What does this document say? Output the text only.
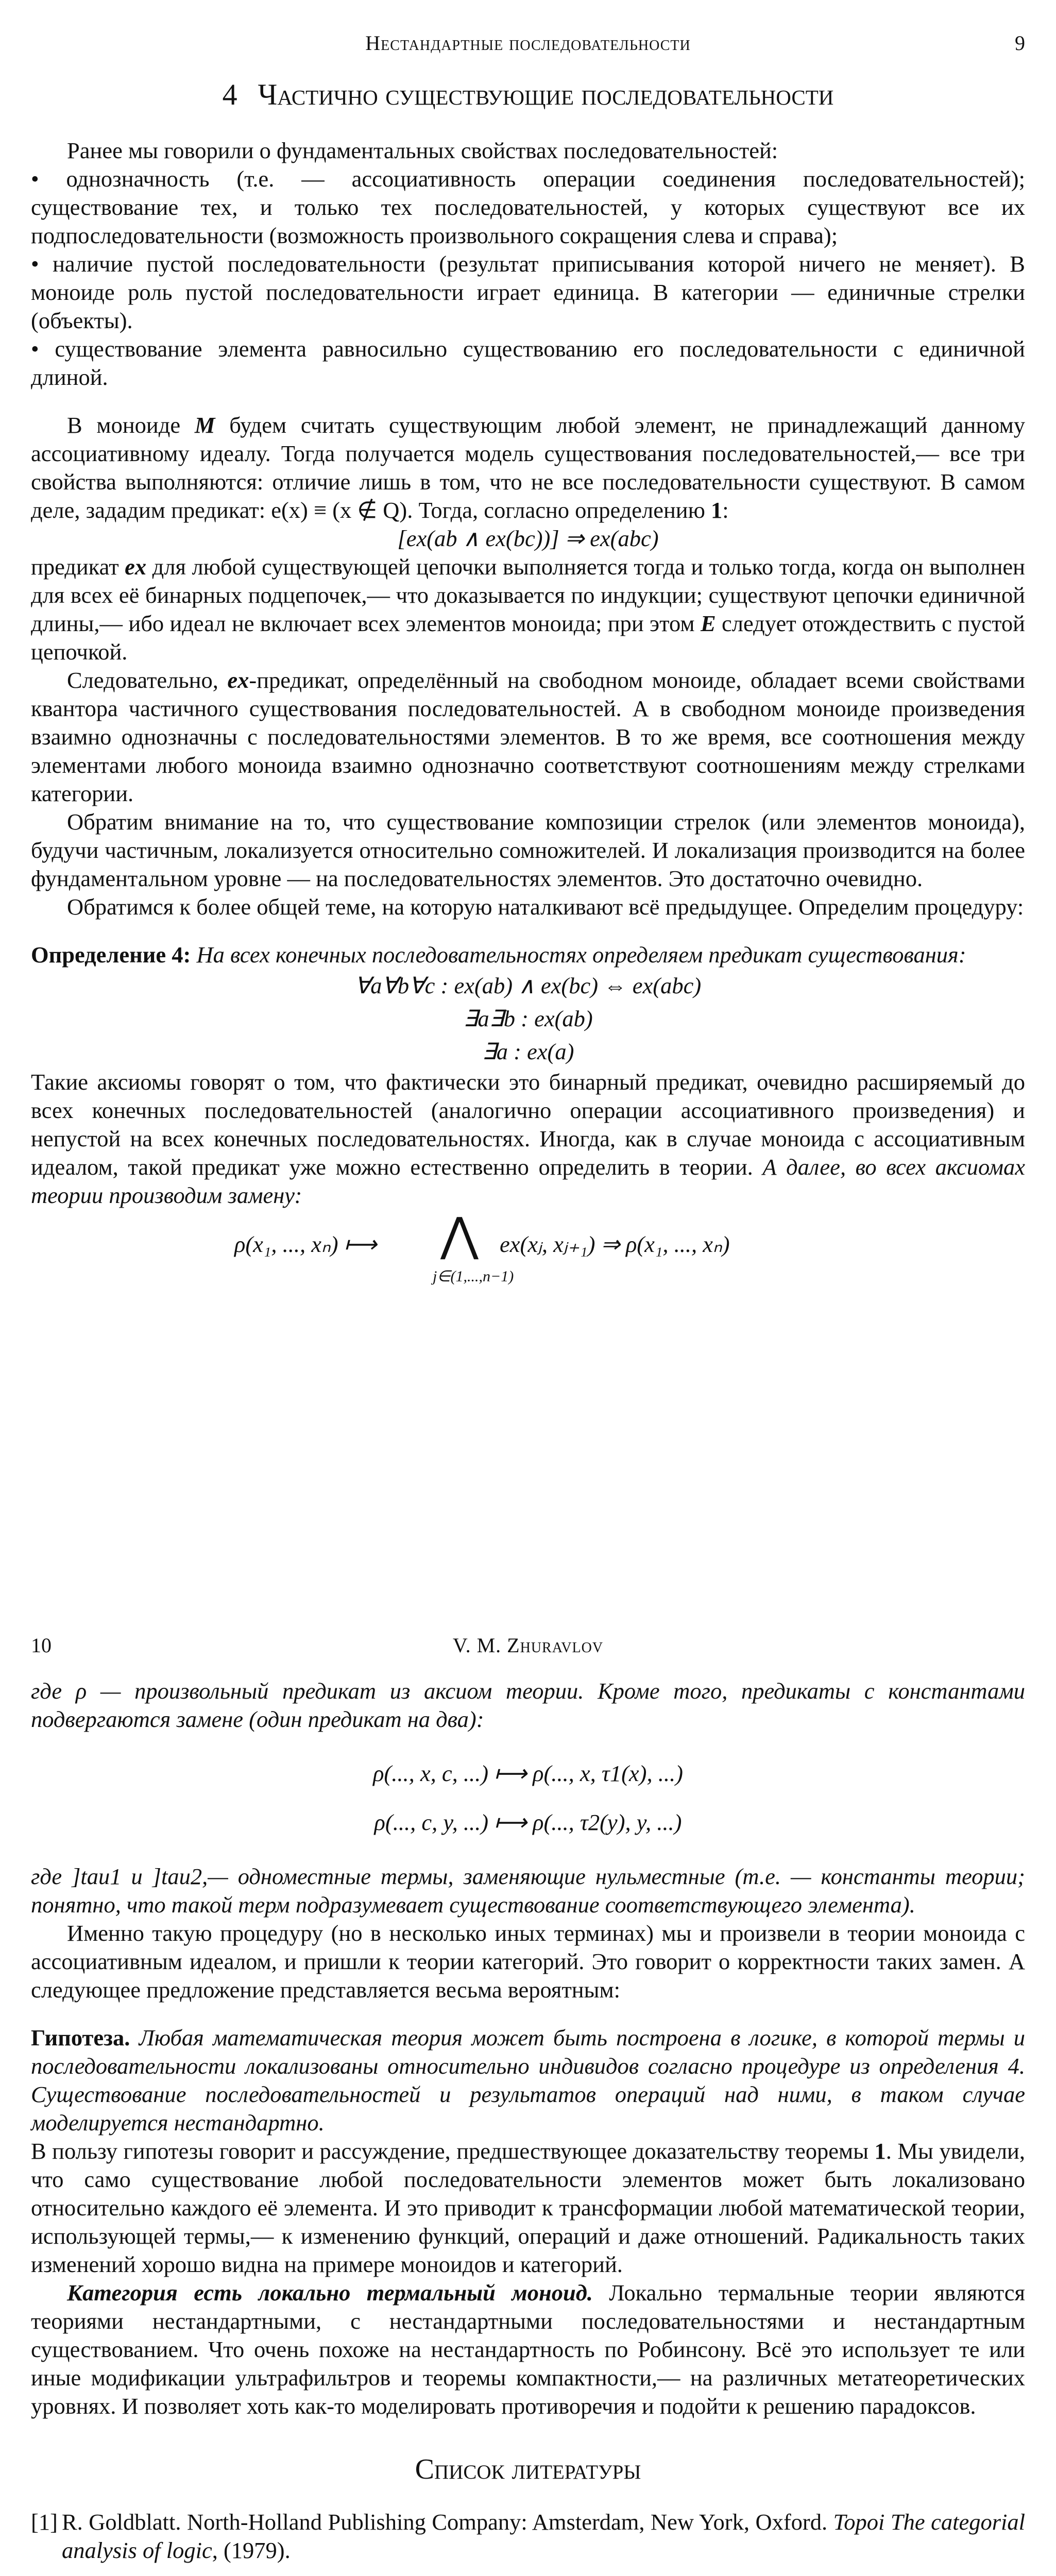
Нестандартные последовательности	9
4 Частично существующие последовательности

Ранее мы говорили о фундаментальных свойствах последовательностей:

• однозначность (т.е. — ассоциативность операции соединения последовательностей); существование тех, и только тех последовательностей, у которых существуют все их подпоследовательности (возможность произвольного сокращения слева и справа);

• наличие пустой последовательности (результат приписывания которой ничего не меняет). В моноиде роль пустой последовательности играет единица. В категории — единичные стрелки (объекты).

• существование элемента равносильно существованию его последовательности с единичной длиной.

В моноиде M будем считать существующим любой элемент, не принадлежащий данному ассоциативному идеалу. Тогда получается модель существования последовательностей,— все три свойства выполняются: отличие лишь в том, что не все последовательности существуют. В самом деле, зададим предикат: e(x) ≡ (x ∉ Q). Тогда, согласно определению 1:

[ex(ab ∧ ex(bc))] ⇒ ex(abc)

предикат ex для любой существующей цепочки выполняется тогда и только тогда, когда он выполнен для всех её бинарных подцепочек,— что доказывается по индукции; существуют цепочки единичной длины,— ибо идеал не включает всех элементов моноида; при этом E следует отождествить с пустой цепочкой.

Следовательно, ex-предикат, определённый на свободном моноиде, обладает всеми свойствами квантора частичного существования последовательностей. А в свободном моноиде произведения взаимно однозначны с последовательностями элементов. В то же время, все соотношения между элементами любого моноида взаимно однозначно соответствуют соотношениям между стрелками категории.

Обратим внимание на то, что существование композиции стрелок (или элементов моноида), будучи частичным, локализуется относительно сомножителей. И локализация производится на более фундаментальном уровне — на последовательностях элементов. Это достаточно очевидно.

Обратимся к более общей теме, на которую наталкивают всё предыдущее. Определим процедуру:

Определение 4: На всех конечных последовательностях определяем предикат существования:

∀a∀b∀c : ex(ab) ∧ ex(bc) ⇔ ex(abc)

∃a∃b : ex(ab)

∃a : ex(a)

Такие аксиомы говорят о том, что фактически это бинарный предикат, очевидно расширяемый до всех конечных последовательностей (аналогично операции ассоциативного произведения) и непустой на всех конечных последовательностях. Иногда, как в случае моноида с ассоциативным идеалом, такой предикат уже можно естественно определить в теории. А далее, во всех аксиомах теории производим замену:

ρ(x₁, ..., xₙ) ⟼ ⋀
j∈(1,...,n−1)
ex(xⱼ, xⱼ₊₁) ⇒ ρ(x₁, ..., xₙ)
10	V. M. Zhuravlov

где ρ — произвольный предикат из аксиом теории. Кроме того, предикаты с константами подвергаются замене (один предикат на два):

ρ(..., x, c, ...) ⟼ ρ(..., x, τ1(x), ...)

ρ(..., c, y, ...) ⟼ ρ(..., τ2(y), y, ...)

где ]tau1 и ]tau2,— одноместные термы, заменяющие нульместные (т.е. — константы теории; понятно, что такой терм подразумевает существование соответствующего элемента).

Именно такую процедуру (но в несколько иных терминах) мы и произвели в теории моноида с ассоциативным идеалом, и пришли к теории категорий. Это говорит о корректности таких замен. А следующее предложение представляется весьма вероятным:

Гипотеза. Любая математическая теория может быть построена в логике, в которой термы и последовательности локализованы относительно индивидов согласно процедуре из определения 4. Существование последовательностей и результатов операций над ними, в таком случае моделируется нестандартно.

В пользу гипотезы говорит и рассуждение, предшествующее доказательству теоремы 1. Мы увидели, что само существование любой последовательности элементов может быть локализовано относительно каждого её элемента. И это приводит к трансформации любой математической теории, использующей термы,— к изменению функций, операций и даже отношений. Радикальность таких изменений хорошо видна на примере моноидов и категорий.

Категория есть локально термальный моноид. Локально термальные теории являются теориями нестандартными, с нестандартными последовательностями и нестандартным существованием. Что очень похоже на нестандартность по Робинсону. Всё это использует те или иные модификации ультрафильтров и теоремы компактности,— на различных метатеоретических уровнях. И позволяет хоть как-то моделировать противоречия и подойти к решению парадоксов.

Список литературы

[1] R. Goldblatt. North-Holland Publishing Company: Amsterdam, New York, Oxford. Topoi The categorial analysis of logic, (1979).
